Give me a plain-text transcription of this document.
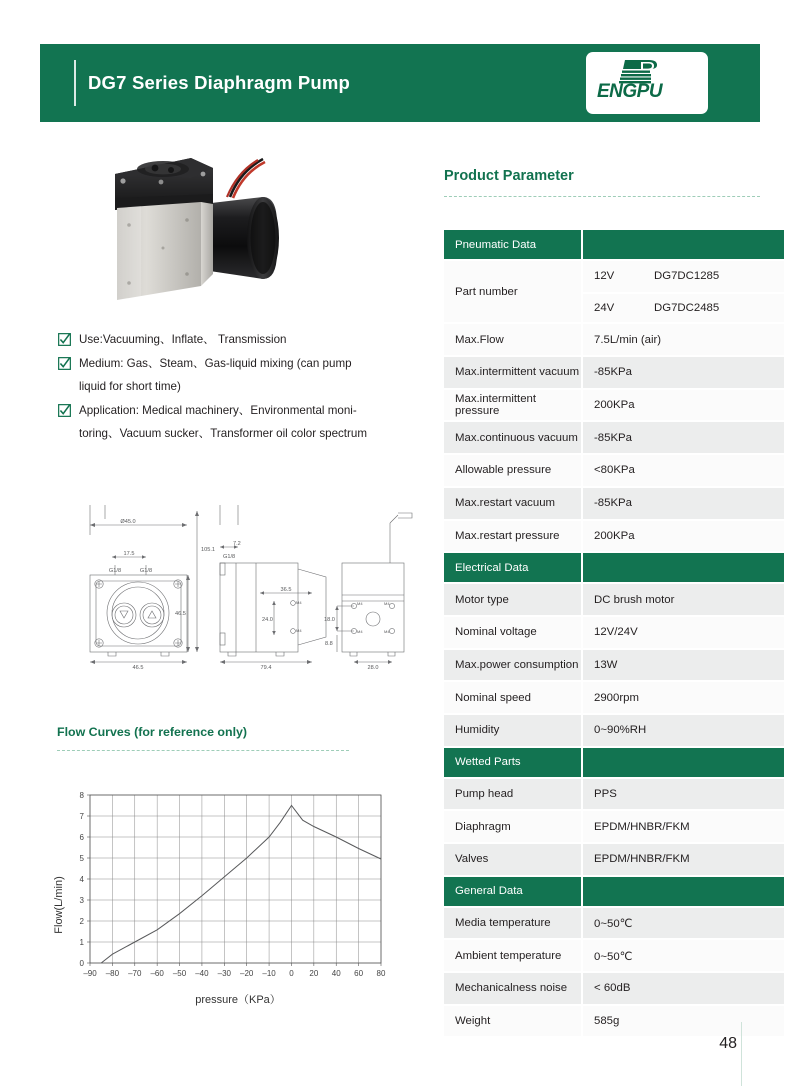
DG7 Series Diaphragm Pump	ENGPU
Use:Vacuuming、Inflate、 Transmission
Medium: Gas、Steam、Gas-liquid mixing (can pump
liquid for short time)
Application: Medical machinery、Environmental moni-
toring、Vacuum sucker、Transformer oil color spectrum
Ø45.0
17.5
G1/8	G1/8
105.1
46.5
46.5
7.2
G1/8
36.5
24.0
79.4
18.0
8.8
28.0
M4
M4
M4
M4
M4
M4
Flow Curves (for reference only)
–90 –80 –70 –60 –50 –40 –30 –20 –10 0 20 40 60 80
0
1
2
3
4
5
6
7
8
Flow(L/min)
pressure（KPa）
Product Parameter
Pneumatic Data	
Part number	12V DG7DC1285
24V DG7DC2485

Max.Flow	7.5L/min (air)
Max.intermittent vacuum	-85KPa
Max.intermittent pressure	200KPa
Max.continuous vacuum	-85KPa
Allowable pressure	<80KPa
Max.restart vacuum	-85KPa
Max.restart pressure	200KPa
Electrical Data	
Motor type	DC brush motor
Nominal voltage	12V/24V
Max.power consumption	13W
Nominal speed	2900rpm
Humidity	0~90%RH
Wetted Parts	
Pump head	PPS
Diaphragm	EPDM/HNBR/FKM
Valves	EPDM/HNBR/FKM
General Data	
Media temperature	0~50℃
Ambient temperature	0~50℃
Mechanicalness noise	< 60dB
Weight	585g
48
